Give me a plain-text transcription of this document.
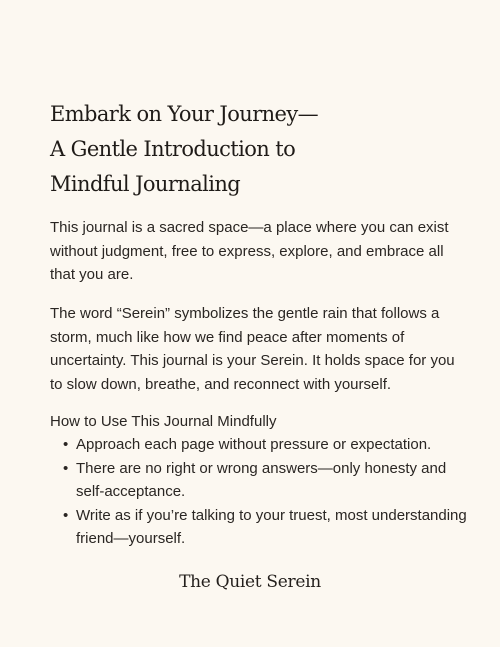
Embark on Your Journey—
A Gentle Introduction to
Mindful Journaling

This journal is a sacred space—a place where you can exist without judgment, free to express, explore, and embrace all that you are.

The word “Serein” symbolizes the gentle rain that follows a storm, much like how we find peace after moments of uncertainty. This journal is your Serein. It holds space for you to slow down, breathe, and reconnect with yourself.

How to Use This Journal Mindfully

• Approach each page without pressure or expectation.
• There are no right or wrong answers—only honesty and self-acceptance.
• Write as if you’re talking to your truest, most understanding friend—yourself.

The Quiet Serein
